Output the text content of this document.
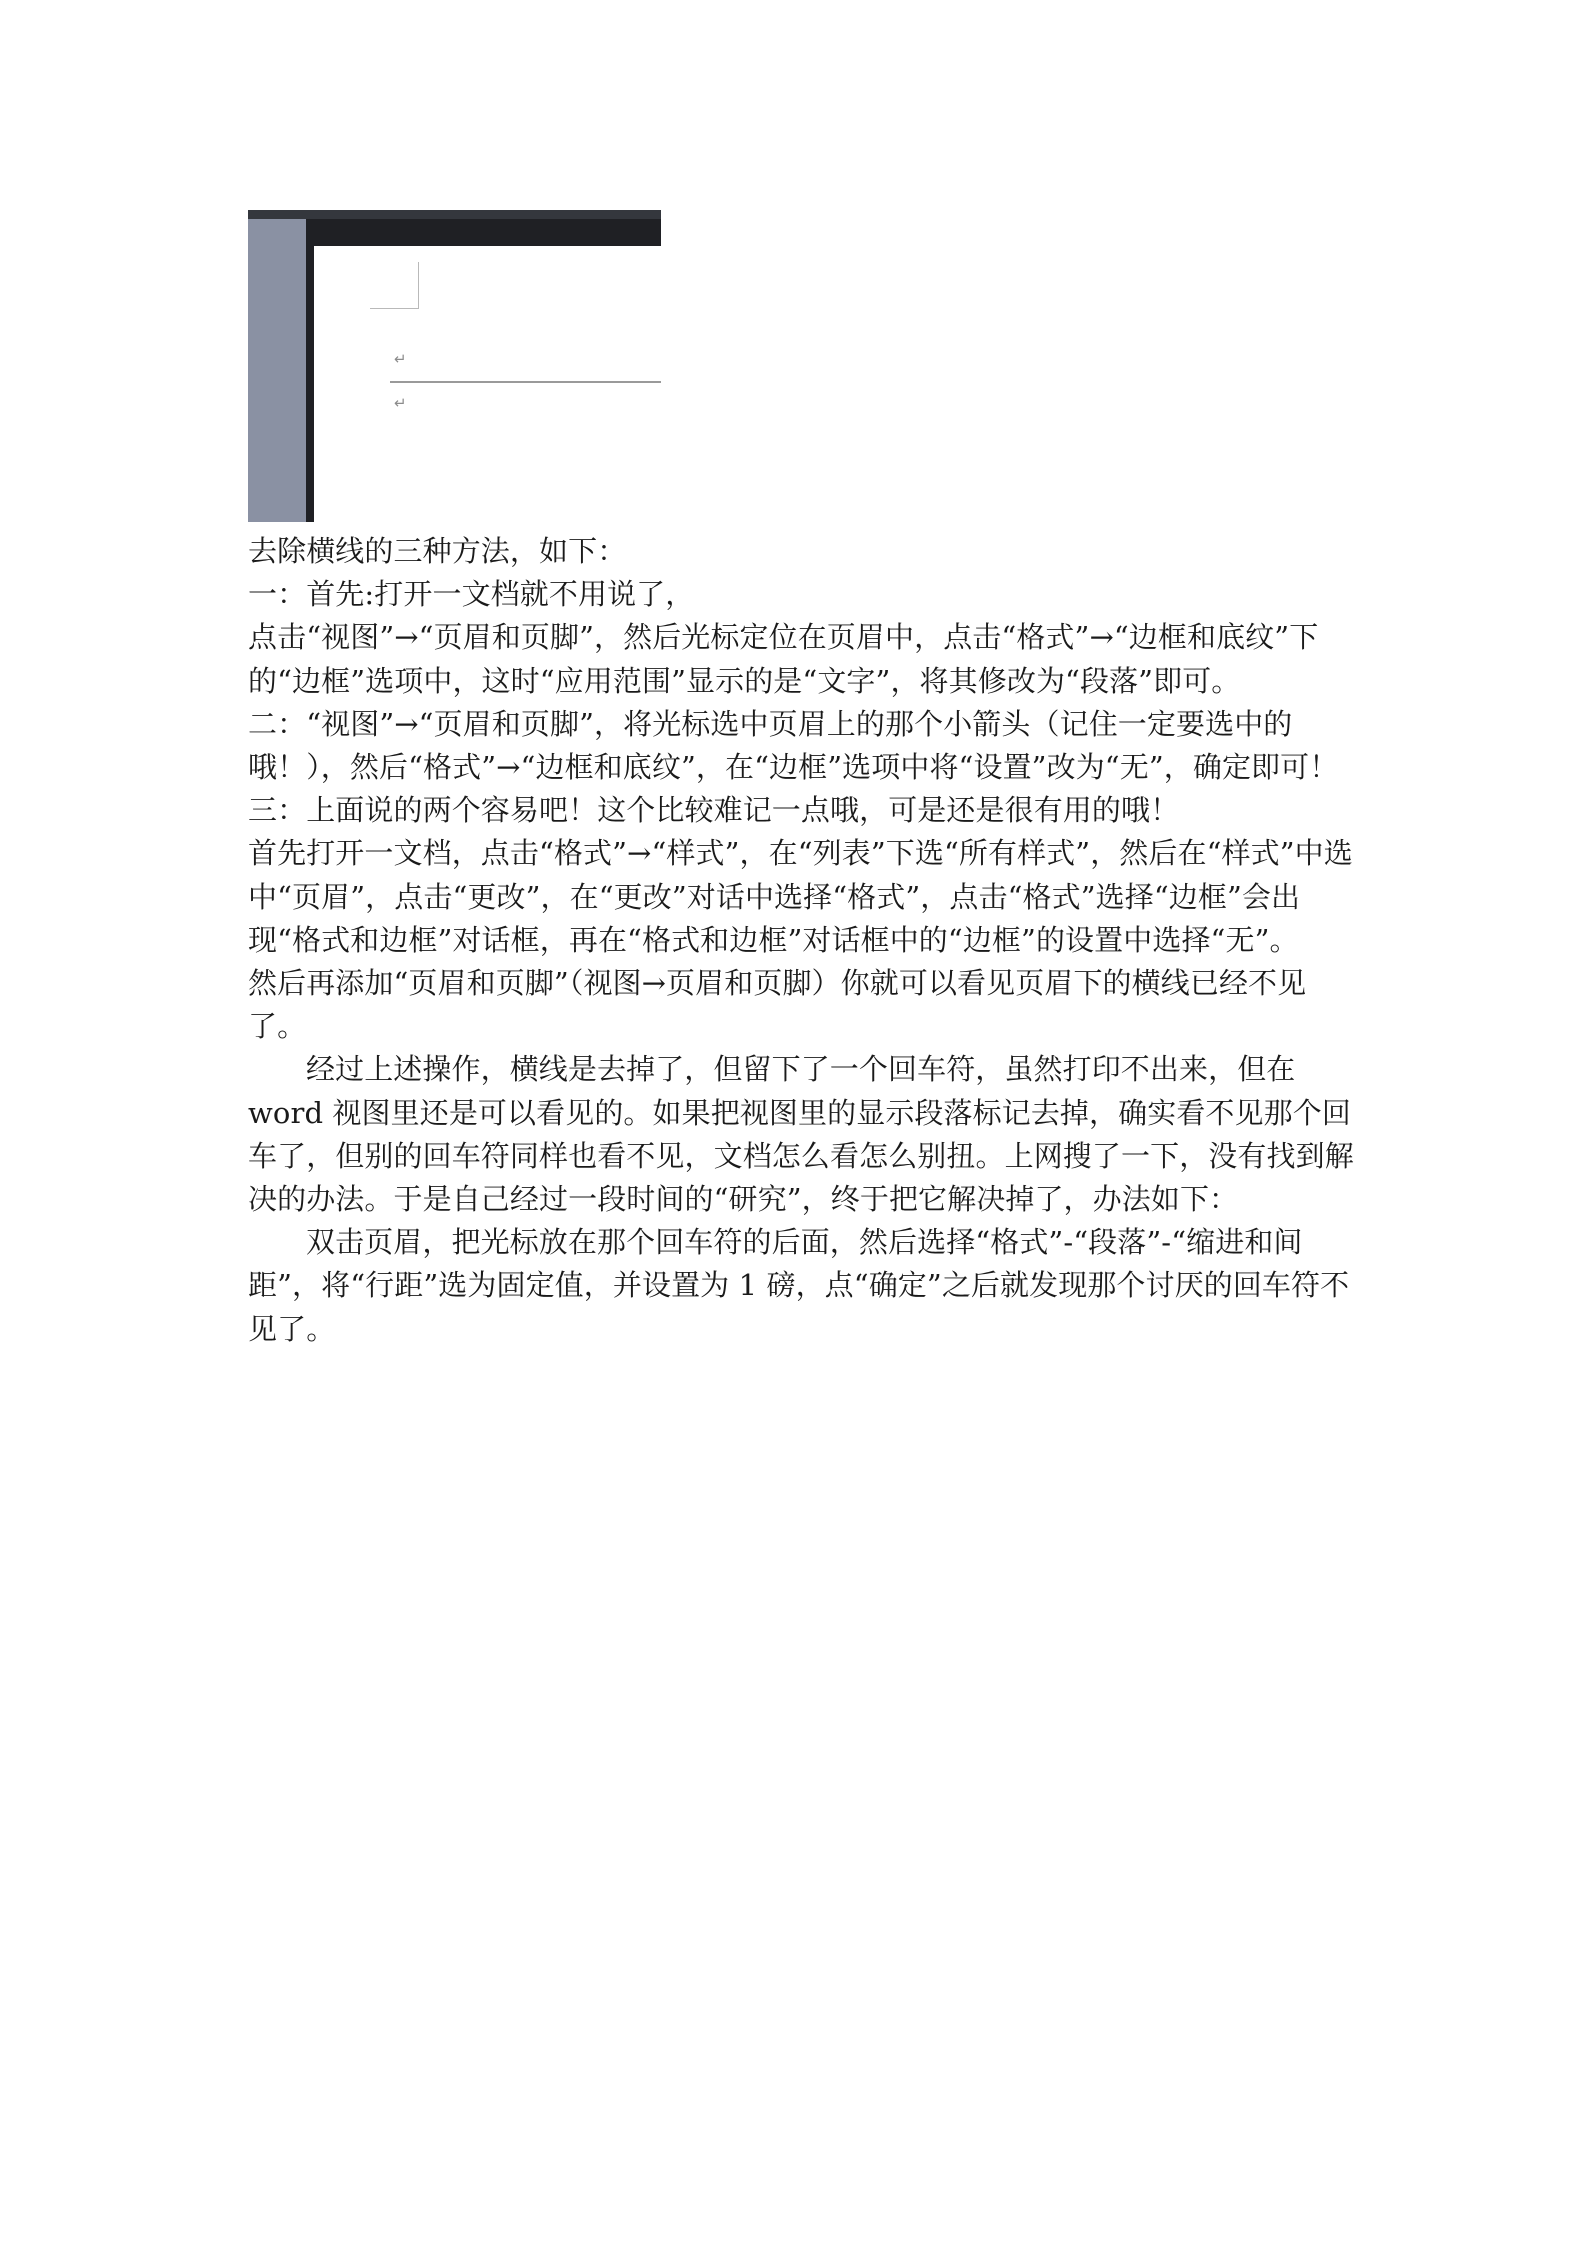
↵
↵

去除横线的三种方法，如下：

一：首先:打开一文档就不用说了，

点击“视图”→“页眉和页脚”，然后光标定位在页眉中，点击“格式”→“边框和底纹”下的“边框”选项中，这时“应用范围”显示的是“文字”，将其修改为“段落”即可。

二：“视图”→“页眉和页脚”，将光标选中页眉上的那个小箭头（记住一定要选中的哦！），然后“格式”→“边框和底纹”，在“边框”选项中将“设置”改为“无”，确定即可！

三：上面说的两个容易吧！这个比较难记一点哦，可是还是很有用的哦！

首先打开一文档，点击“格式”→“样式”，在“列表”下选“所有样式”，然后在“样式”中选中“页眉”，点击“更改”，在“更改”对话中选择“格式”，点击“格式”选择“边框”会出现“格式和边框”对话框，再在“格式和边框”对话框中的“边框”的设置中选择“无”。

然后再添加“页眉和页脚”（视图→页眉和页脚）你就可以看见页眉下的横线已经不见了。

经过上述操作，横线是去掉了，但留下了一个回车符，虽然打印不出来，但在 word 视图里还是可以看见的。如果把视图里的显示段落标记去掉，确实看不见那个回车了，但别的回车符同样也看不见，文档怎么看怎么别扭。上网搜了一下，没有找到解决的办法。于是自己经过一段时间的“研究”，终于把它解决掉了，办法如下：

双击页眉，把光标放在那个回车符的后面，然后选择“格式”-“段落”-“缩进和间距”，将“行距”选为固定值，并设置为 1 磅，点“确定”之后就发现那个讨厌的回车符不见了。
